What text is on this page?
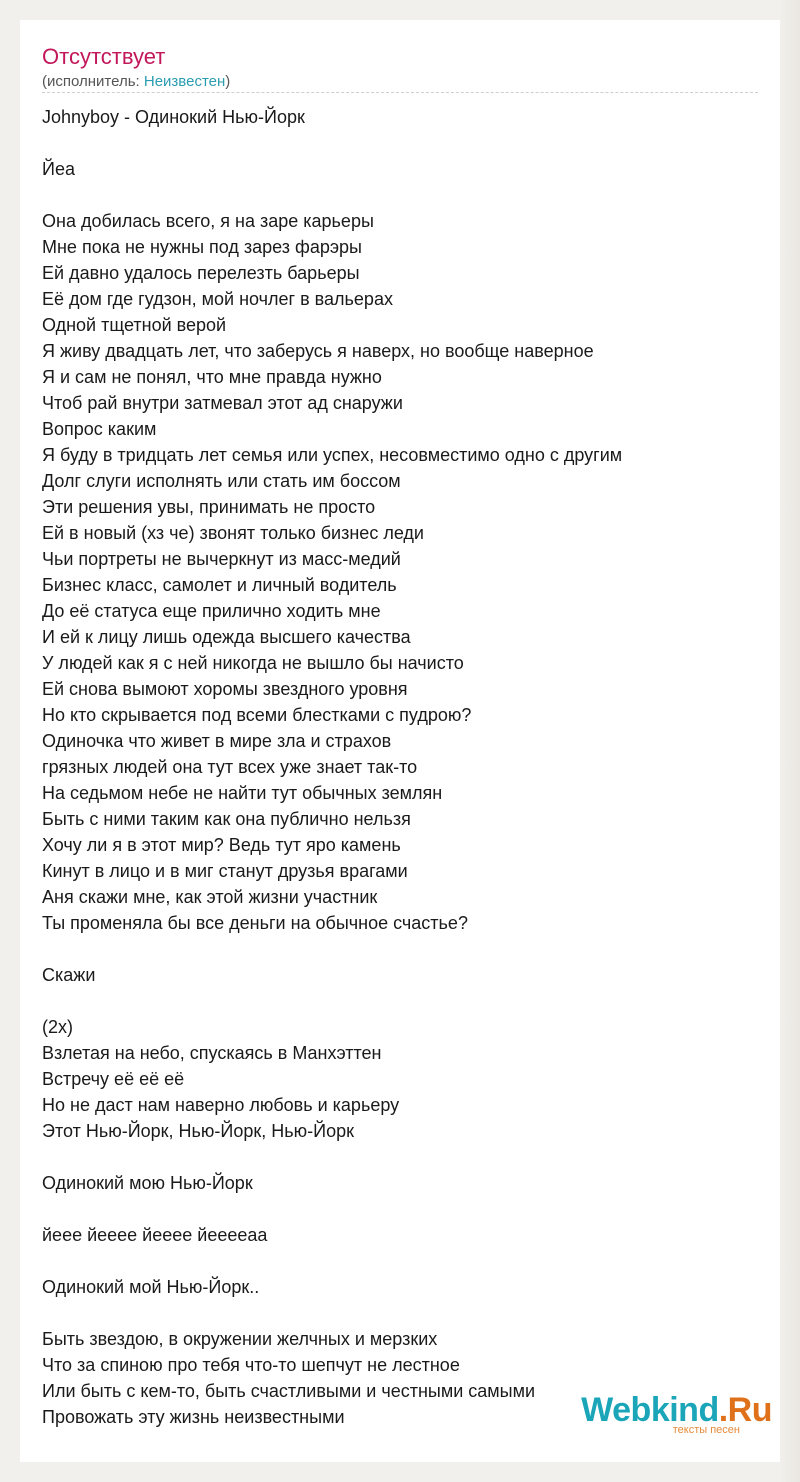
Отсутствует
(исполнитель: Неизвестен)
Johnyboy - Одинокий Нью-Йорк
Йеа
Она добилась всего, я на заре карьеры
Мне пока не нужны под зарез фарэры
Ей давно удалось перелезть барьеры
Её дом где гудзон, мой ночлег в вальерах
Одной тщетной верой
Я живу двадцать лет, что заберусь я наверх, но вообще наверное
Я и сам не понял, что мне правда нужно
Чтоб рай внутри затмевал этот ад снаружи
Вопрос каким
Я буду в тридцать лет семья или успех, несовместимо одно с другим
Долг слуги исполнять или стать им боссом
Эти решения увы, принимать не просто
Ей в новый (хз че) звонят только бизнес леди
Чьи портреты не вычеркнут из масс-медий
Бизнес класс, самолет и личный водитель
До её статуса еще прилично ходить мне
И ей к лицу лишь одежда высшего качества
У людей как я с ней никогда не вышло бы начисто
Ей снова вымоют хоромы звездного уровня
Но кто скрывается под всеми блестками с пудрою?
Одиночка что живет в мире зла и страхов
грязных людей она тут всех уже знает так-то
На седьмом небе не найти тут обычных землян
Быть с ними таким как она публично нельзя
Хочу ли я в этот мир? Ведь тут яро камень
Кинут в лицо и в миг станут друзья врагами
Аня скажи мне, как этой жизни участник
Ты променяла бы все деньги на обычное счастье?
Скажи
(2x)
Взлетая на небо, спускаясь в Манхэттен
Встречу её её её
Но не даст нам наверно любовь и карьеру
Этот Нью-Йорк, Нью-Йорк, Нью-Йорк
Одинокий мою Нью-Йорк
йеее йееее йееее йееееаа
Одинокий мой Нью-Йорк..
Быть звездою, в окружении желчных и мерзких
Что за спиною про тебя что-то шепчут не лестное
Или быть с кем-то, быть счастливыми и честными самыми
Провожать эту жизнь неизвестными	Webkind.Ru
тексты песен
